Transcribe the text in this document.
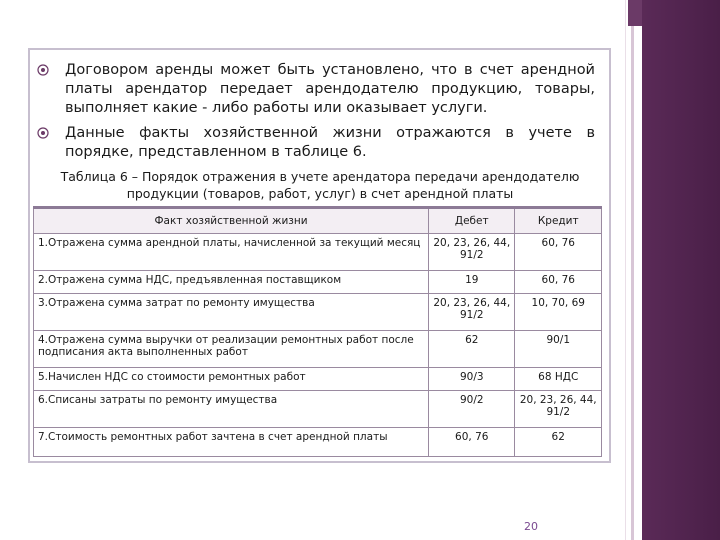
Договором аренды может быть установлено, что в счет арендной платы арендатор передает арендодателю продукцию, товары, выполняет какие - либо работы или оказывает услуги.
Данные факты хозяйственной жизни отражаются в учете в порядке, представленном в таблице 6.
Таблица 6 – Порядок отражения в учете арендатора передачи арендодателю
продукции (товаров, работ, услуг) в счет арендной платы
Факт хозяйственной жизни	Дебет	Кредит
1.Отражена сумма арендной платы, начисленной за текущий месяц	20, 23, 26, 44, 91/2	60, 76
2.Отражена сумма НДС, предъявленная поставщиком	19	60, 76
3.Отражена сумма затрат по ремонту имущества	20, 23, 26, 44, 91/2	10, 70, 69
4.Отражена сумма выручки от реализации ремонтных работ после подписания акта выполненных работ	62	90/1
5.Начислен НДС со стоимости ремонтных работ	90/3	68 НДС
6.Списаны затраты по ремонту имущества	90/2	20, 23, 26, 44, 91/2
7.Стоимость ремонтных работ зачтена в счет арендной платы	60, 76	62
20
